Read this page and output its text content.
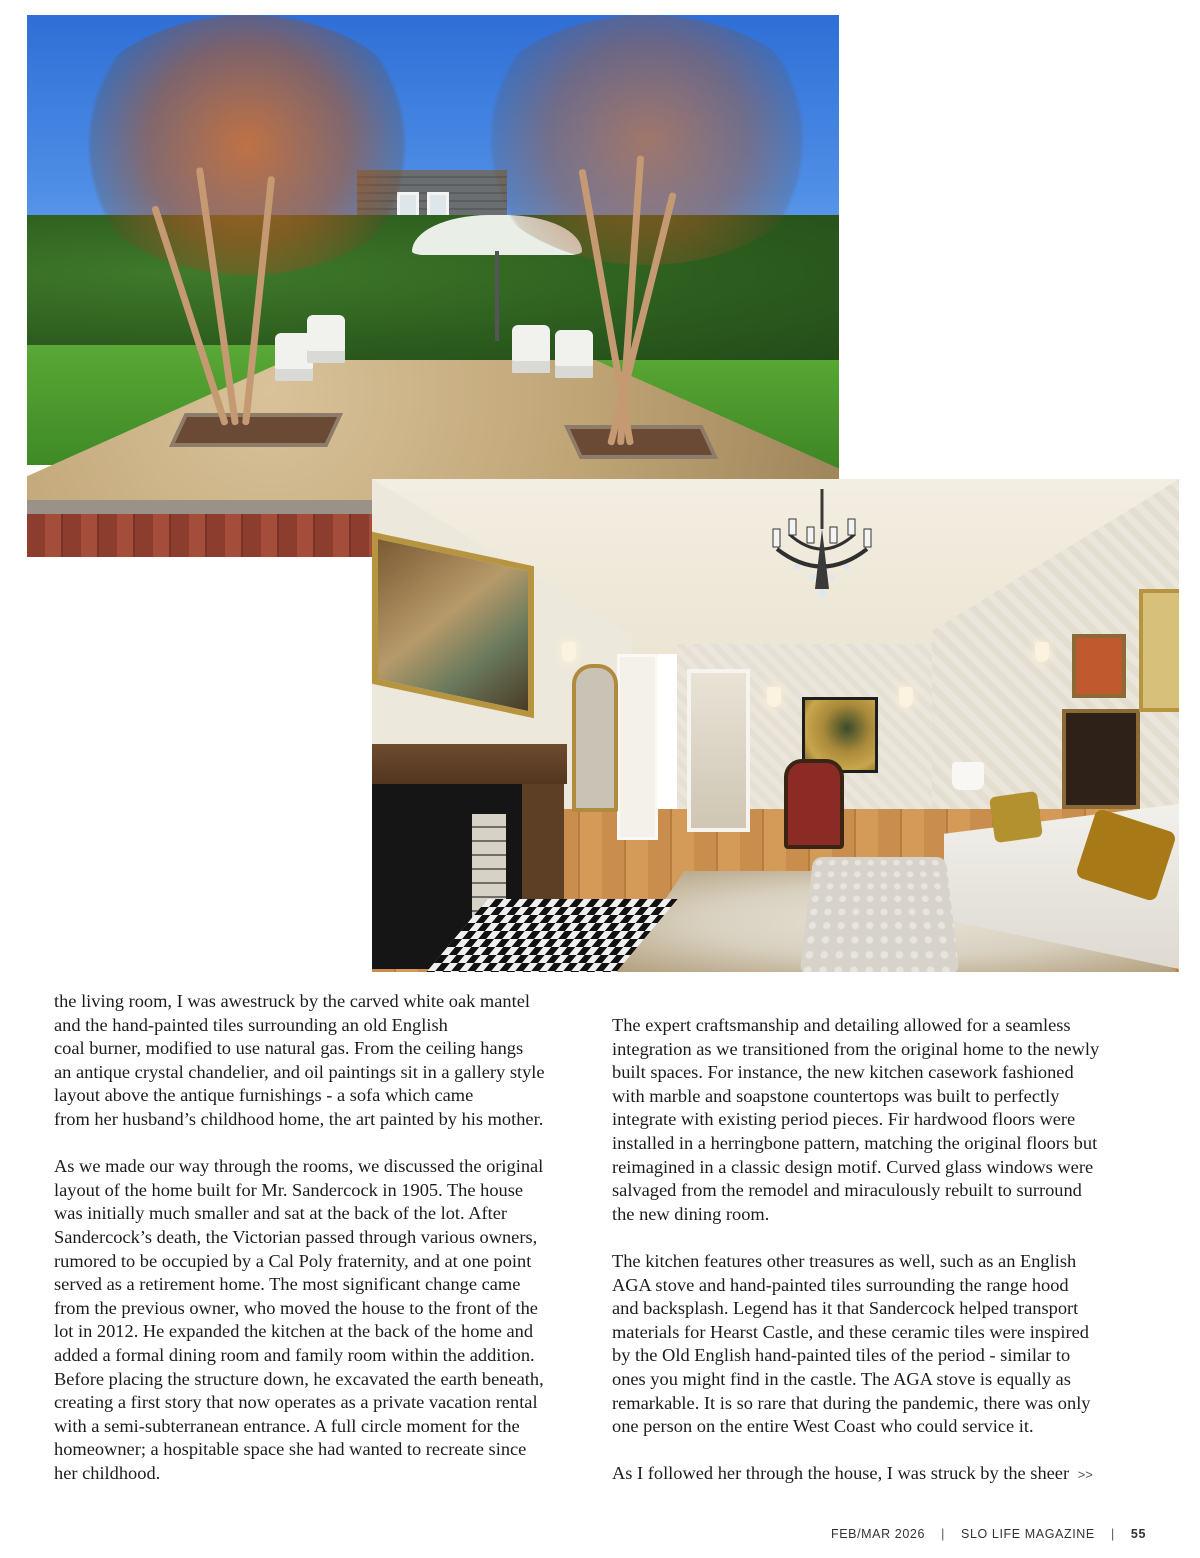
the living room, I was awestruck by the carved white oak mantel
and the hand-painted tiles surrounding an old English
coal burner, modified to use natural gas. From the ceiling hangs
an antique crystal chandelier, and oil paintings sit in a gallery style
layout above the antique furnishings - a sofa which came
from her husband’s childhood home, the art painted by his mother.

As we made our way through the rooms, we discussed the original
layout of the home built for Mr. Sandercock in 1905. The house
was initially much smaller and sat at the back of the lot. After
Sandercock’s death, the Victorian passed through various owners,
rumored to be occupied by a Cal Poly fraternity, and at one point
served as a retirement home. The most significant change came
from the previous owner, who moved the house to the front of the
lot in 2012. He expanded the kitchen at the back of the home and
added a formal dining room and family room within the addition.
Before placing the structure down, he excavated the earth beneath,
creating a first story that now operates as a private vacation rental
with a semi-subterranean entrance. A full circle moment for the
homeowner; a hospitable space she had wanted to recreate since
her childhood.

The expert craftsmanship and detailing allowed for a seamless
integration as we transitioned from the original home to the newly
built spaces. For instance, the new kitchen casework fashioned
with marble and soapstone countertops was built to perfectly
integrate with existing period pieces. Fir hardwood floors were
installed in a herringbone pattern, matching the original floors but
reimagined in a classic design motif. Curved glass windows were
salvaged from the remodel and miraculously rebuilt to surround
the new dining room.

The kitchen features other treasures as well, such as an English
AGA stove and hand-painted tiles surrounding the range hood
and backsplash. Legend has it that Sandercock helped transport
materials for Hearst Castle, and these ceramic tiles were inspired
by the Old English hand-painted tiles of the period - similar to
ones you might find in the castle. The AGA stove is equally as
remarkable. It is so rare that during the pandemic, there was only
one person on the entire West Coast who could service it.

As I followed her through the house, I was struck by the sheer >>

FEB/MAR 2026 | SLO LIFE MAGAZINE | 55
